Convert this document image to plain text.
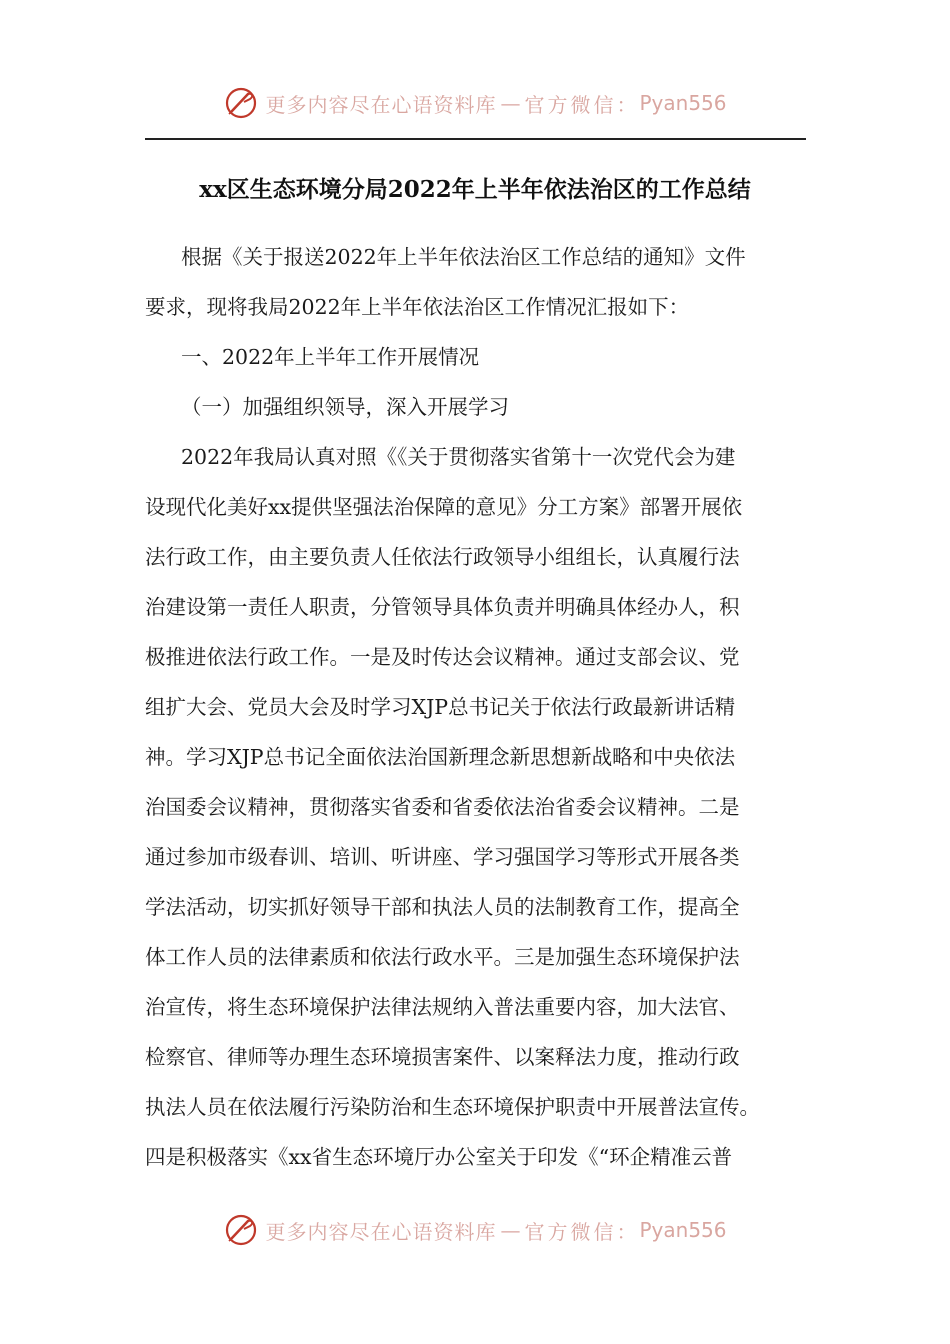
更多内容尽在心语资料库 — 官方微信： Pyan556
xx区生态环境分局2022年上半年依法治区的工作总结
根据《关于报送2022年上半年依法治区工作总结的通知》文件
要求，现将我局2022年上半年依法治区工作情况汇报如下：
一、2022年上半年工作开展情况
（一）加强组织领导，深入开展学习
2022年我局认真对照《《关于贯彻落实省第十一次党代会为建
设现代化美好xx提供坚强法治保障的意见》分工方案》部署开展依
法行政工作，由主要负责人任依法行政领导小组组长，认真履行法
治建设第一责任人职责，分管领导具体负责并明确具体经办人，积
极推进依法行政工作。一是及时传达会议精神。通过支部会议、党
组扩大会、党员大会及时学习XJP总书记关于依法行政最新讲话精
神。学习XJP总书记全面依法治国新理念新思想新战略和中央依法
治国委会议精神，贯彻落实省委和省委依法治省委会议精神。二是
通过参加市级春训、培训、听讲座、学习强国学习等形式开展各类
学法活动，切实抓好领导干部和执法人员的法制教育工作，提高全
体工作人员的法律素质和依法行政水平。三是加强生态环境保护法
治宣传，将生态环境保护法律法规纳入普法重要内容，加大法官、
检察官、律师等办理生态环境损害案件、以案释法力度，推动行政
执法人员在依法履行污染防治和生态环境保护职责中开展普法宣传。
四是积极落实《xx省生态环境厅办公室关于印发《“环企精准云普
更多内容尽在心语资料库 — 官方微信： Pyan556
